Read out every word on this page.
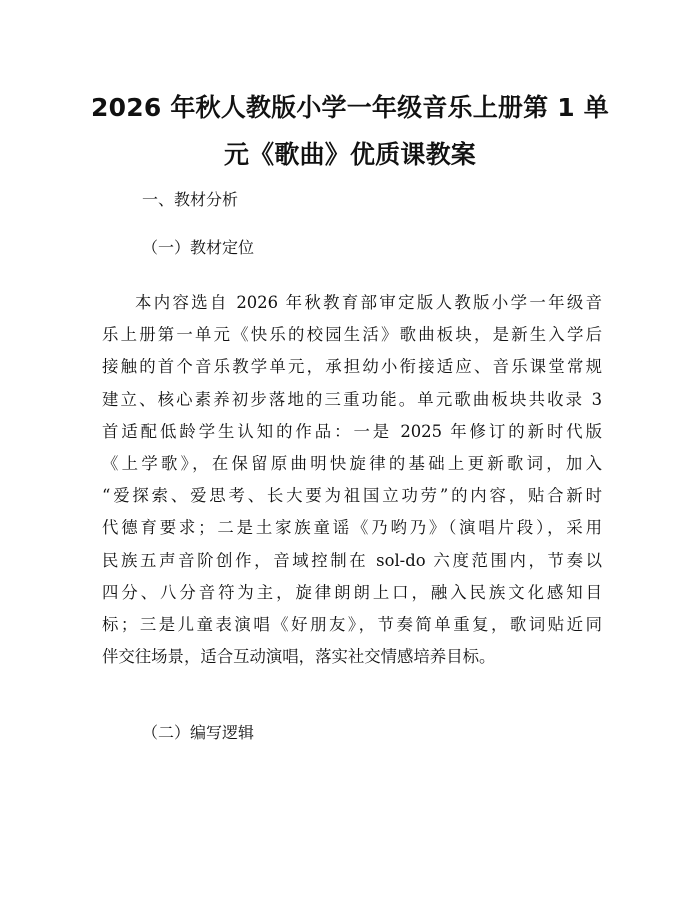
2026 年秋人教版小学一年级音乐上册第 1 单
元《歌曲》优质课教案
一、教材分析
（一）教材定位
本内容选自 2026 年秋教育部审定版人教版小学一年级音
乐上册第一单元《快乐的校园生活》歌曲板块，是新生入学后
接触的首个音乐教学单元，承担幼小衔接适应、音乐课堂常规
建立、核心素养初步落地的三重功能。单元歌曲板块共收录 3
首适配低龄学生认知的作品：一是 2025 年修订的新时代版
《上学歌》，在保留原曲明快旋律的基础上更新歌词，加入
“爱探索、爱思考、长大要为祖国立功劳”的内容，贴合新时
代德育要求；二是土家族童谣《乃哟乃》（演唱片段），采用
民族五声音阶创作，音域控制在 sol-do 六度范围内，节奏以
四分、八分音符为主，旋律朗朗上口，融入民族文化感知目
标；三是儿童表演唱《好朋友》，节奏简单重复，歌词贴近同
伴交往场景，适合互动演唱，落实社交情感培养目标。
（二）编写逻辑
